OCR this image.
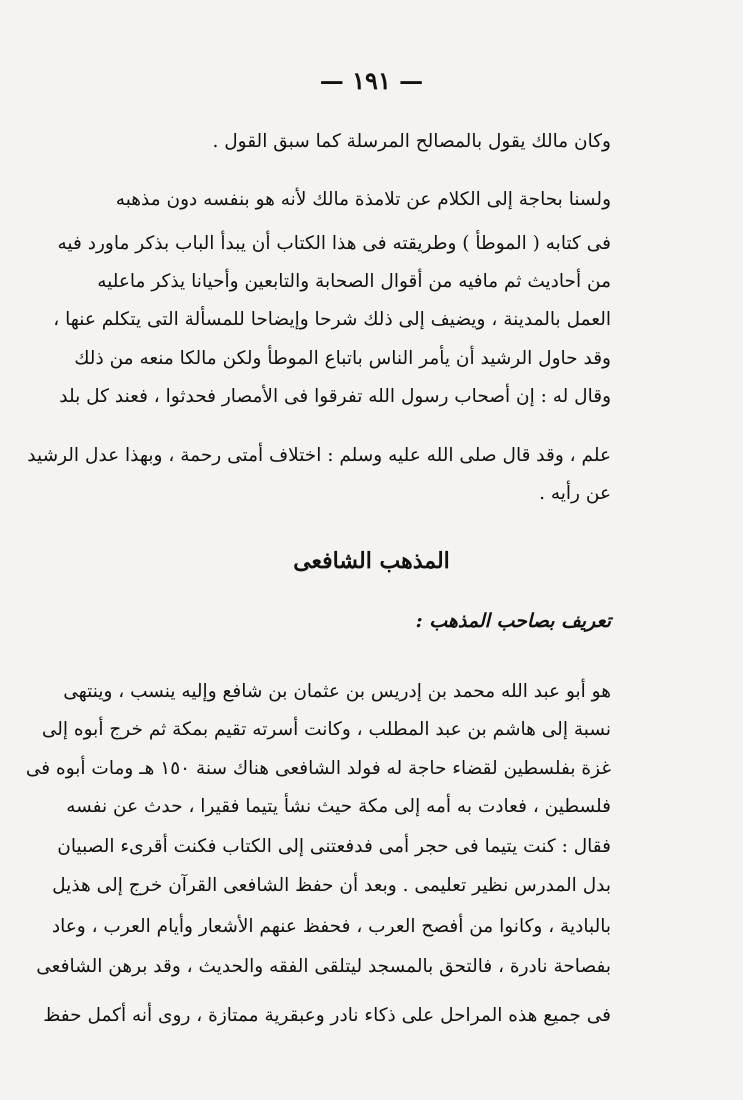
— ١٩١ —
وكان مالك يقول بالمصالح المرسلة كما سبق القول .
ولسنا بحاجة إلى الكلام عن تلامذة مالك لأنه هو بنفسه دون مذهبه
فى كتابه ( الموطأ ) وطريقته فى هذا الكتاب أن يبدأ الباب بذكر ماورد فيه
من أحاديث ثم مافيه من أقوال الصحابة والتابعين وأحيانا يذكر ماعليه
العمل بالمدينة ، ويضيف إلى ذلك شرحا وإيضاحا للمسألة التى يتكلم عنها ،
وقد حاول الرشيد أن يأمر الناس باتباع الموطأ ولكن مالكا منعه من ذلك
وقال له : إن أصحاب رسول الله تفرقوا فى الأمصار فحدثوا ، فعند كل بلد
علم ، وقد قال صلى الله عليه وسلم : اختلاف أمتى رحمة ، وبهذا عدل الرشيد
عن رأيه .
المذهب الشافعى
تعريف بصاحب المذهب :
هو أبو عبد الله محمد بن إدريس بن عثمان بن شافع وإليه ينسب ، وينتهى
نسبة إلى هاشم بن عبد المطلب ، وكانت أسرته تقيم بمكة ثم خرج أبوه إلى
غزة بفلسطين لقضاء حاجة له فولد الشافعى هناك سنة ١٥٠ هـ ومات أبوه فى
فلسطين ، فعادت به أمه إلى مكة حيث نشأ يتيما فقيرا ، حدث عن نفسه
فقال : كنت يتيما فى حجر أمى فدفعتنى إلى الكتاب فكنت أقرىء الصبيان
بدل المدرس نظير تعليمى . وبعد أن حفظ الشافعى القرآن خرج إلى هذيل
بالبادية ، وكانوا من أفصح العرب ، فحفظ عنهم الأشعار وأيام العرب ، وعاد
بفصاحة نادرة ، فالتحق بالمسجد ليتلقى الفقه والحديث ، وقد برهن الشافعى
فى جميع هذه المراحل على ذكاء نادر وعبقرية ممتازة ، روى أنه أكمل حفظ
